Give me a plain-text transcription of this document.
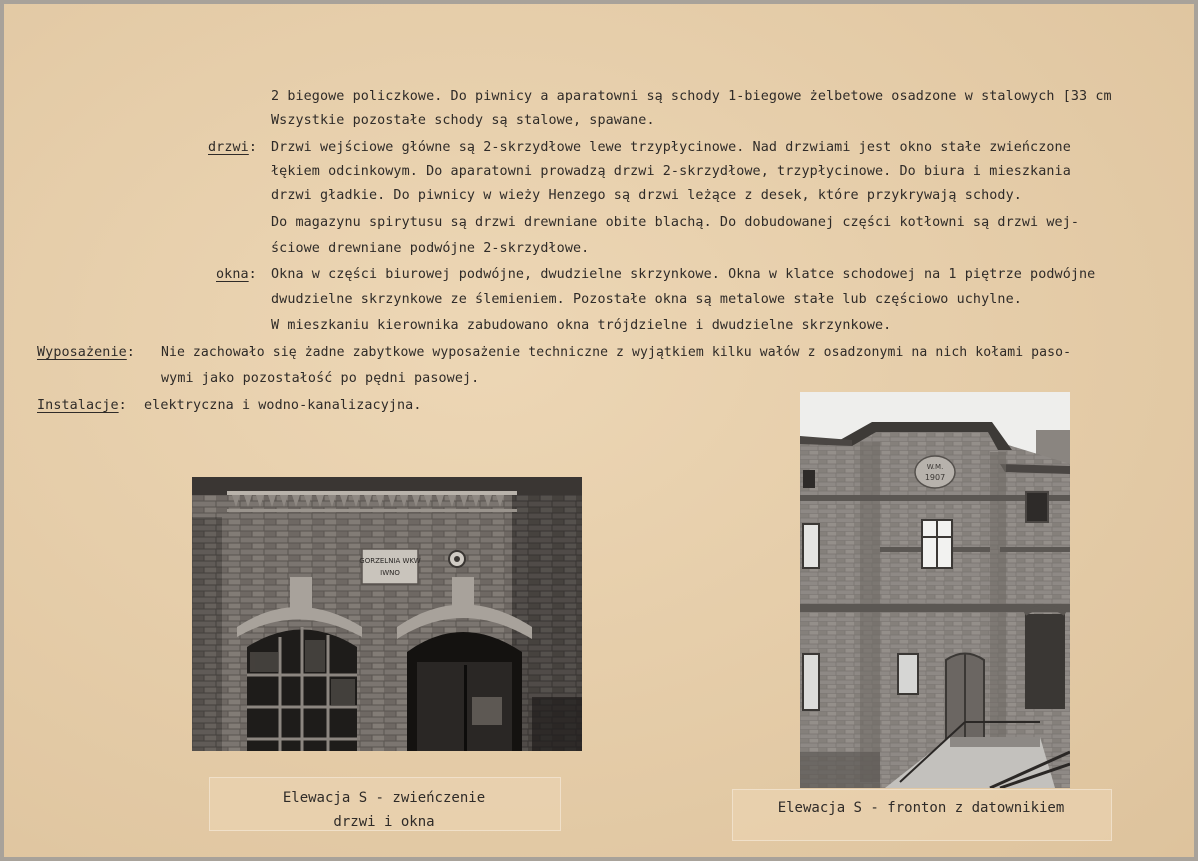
2 biegowe policzkowe. Do piwnicy a aparatowni są schody 1-biegowe żelbetowe osadzone w stalowych [33 cm
Wszystkie pozostałe schody są stalowe, spawane.
drzwi: Drzwi wejściowe główne są 2-skrzydłowe lewe trzypłycinowe. Nad drzwiami jest okno stałe zwieńczone
łękiem odcinkowym. Do aparatowni prowadzą drzwi 2-skrzydłowe, trzypłycinowe. Do biura i mieszkania
drzwi gładkie. Do piwnicy w wieży Henzego są drzwi leżące z desek, które przykrywają schody.
Do magazynu spirytusu są drzwi drewniane obite blachą. Do dobudowanej części kotłowni są drzwi wej-
ściowe drewniane podwójne 2-skrzydłowe.
okna: Okna w części biurowej podwójne, dwudzielne skrzynkowe. Okna w klatce schodowej na 1 piętrze podwójne
dwudzielne skrzynkowe ze ślemieniem. Pozostałe okna są metalowe stałe lub częściowo uchylne.
W mieszkaniu kierownika zabudowano okna trójdzielne i dwudzielne skrzynkowe.
Wyposażenie: Nie zachowało się żadne zabytkowe wyposażenie techniczne z wyjątkiem kilku wałów z osadzonymi na nich kołami paso-
wymi jako pozostałość po pędni pasowej.
Instalacje: elektryczna i wodno-kanalizacyjna.
GORZELNIA WKW
IWNO
Elewacja S - zwieńczenie
drzwi i okna
W.M.
1907
Elewacja S - fronton z datownikiem
